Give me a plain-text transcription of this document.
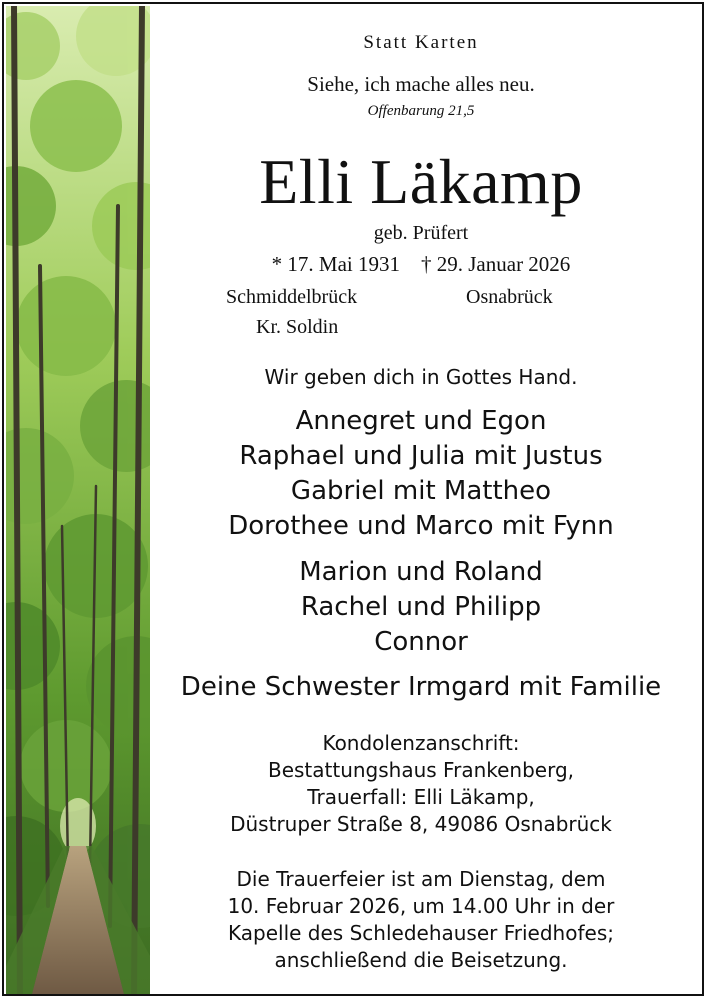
Statt Karten
Siehe, ich mache alles neu.
Offenbarung 21,5
Elli Läkamp
geb. Prüfert
* 17. Mai 1931 † 29. Januar 2026
Schmiddelbrück
Kr. Soldin
Osnabrück
Wir geben dich in Gottes Hand.
Annegret und Egon
Raphael und Julia mit Justus
Gabriel mit Mattheo
Dorothee und Marco mit Fynn
Marion und Roland
Rachel und Philipp
Connor
Deine Schwester Irmgard mit Familie
Kondolenzanschrift:
Bestattungshaus Frankenberg,
Trauerfall: Elli Läkamp,
Düstruper Straße 8, 49086 Osnabrück
Die Trauerfeier ist am Dienstag, dem
10. Februar 2026, um 14.00 Uhr in der
Kapelle des Schledehauser Friedhofes;
anschließend die Beisetzung.
